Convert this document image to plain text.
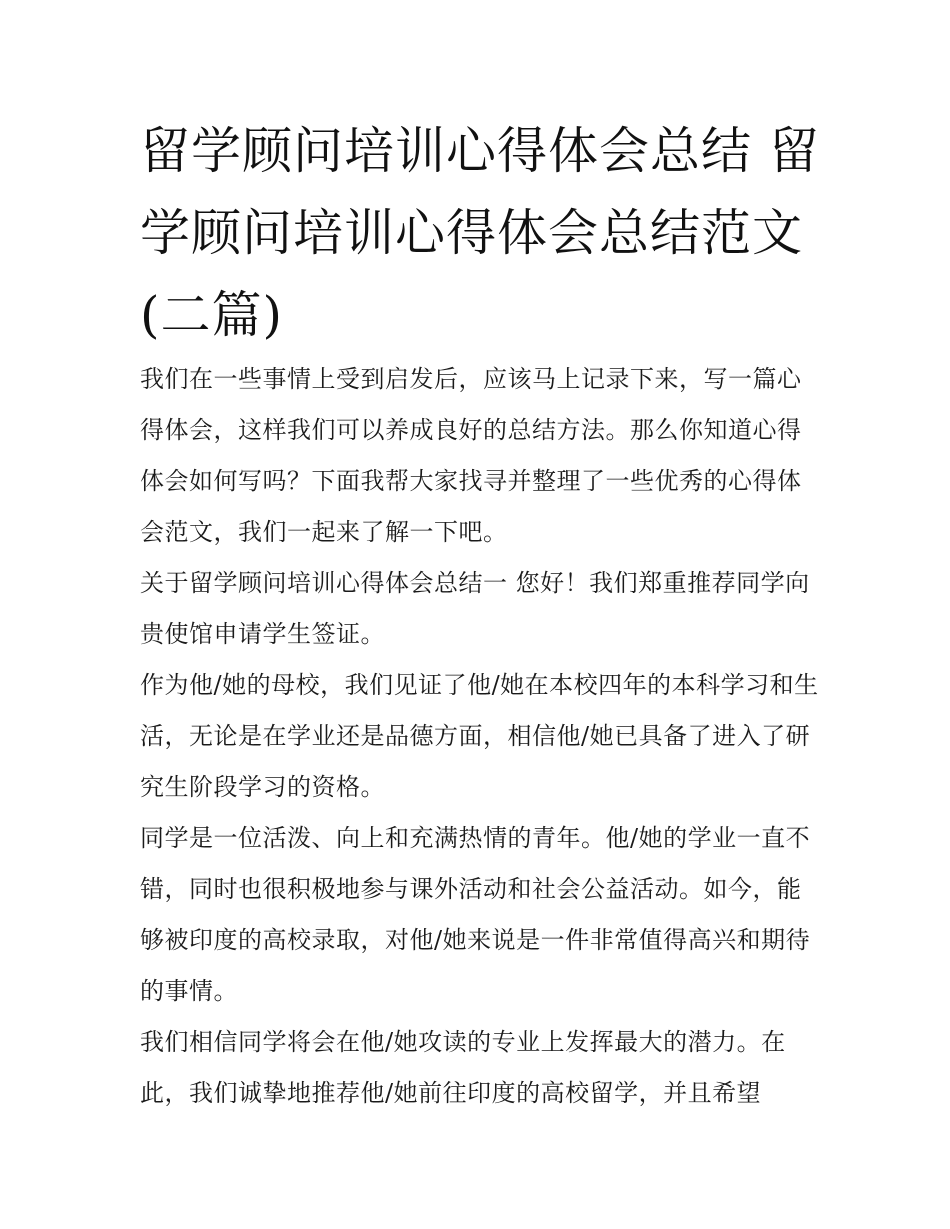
留学顾问培训心得体会总结 留学顾问培训心得体会总结范文(二篇)

我们在一些事情上受到启发后，应该马上记录下来，写一篇心得体会，这样我们可以养成良好的总结方法。那么你知道心得体会如何写吗？下面我帮大家找寻并整理了一些优秀的心得体会范文，我们一起来了解一下吧。

关于留学顾问培训心得体会总结一 您好！我们郑重推荐同学向贵使馆申请学生签证。

作为他/她的母校，我们见证了他/她在本校四年的本科学习和生活，无论是在学业还是品德方面，相信他/她已具备了进入了研究生阶段学习的资格。

同学是一位活泼、向上和充满热情的青年。他/她的学业一直不错，同时也很积极地参与课外活动和社会公益活动。如今，能够被印度的高校录取，对他/她来说是一件非常值得高兴和期待的事情。

我们相信同学将会在他/她攻读的专业上发挥最大的潜力。在此，我们诚挚地推荐他/她前往印度的高校留学，并且希望
